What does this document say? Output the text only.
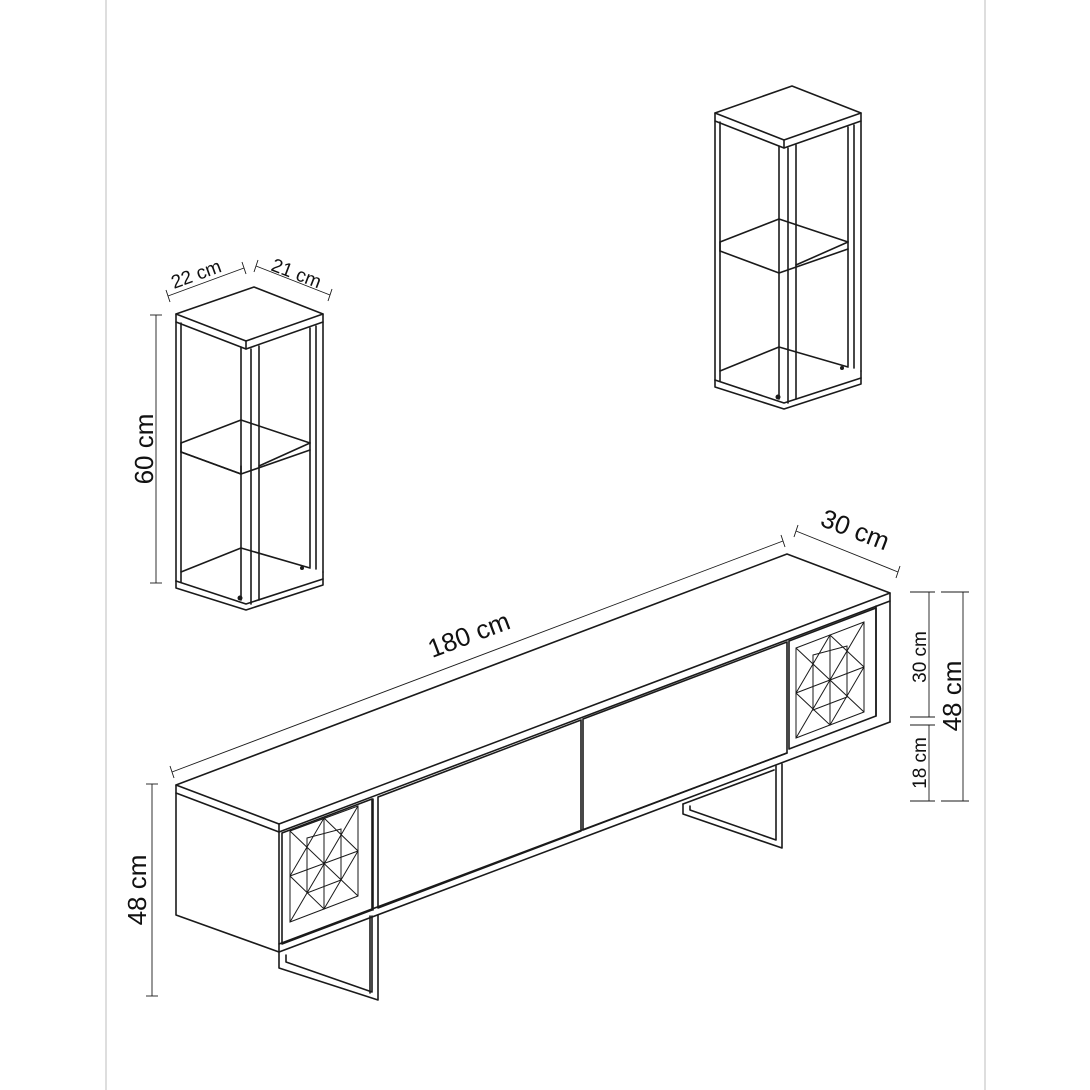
22 cm 21 cm
60 cm
180 cm
30 cm
48 cm
30 cm
18 cm
48 cm
